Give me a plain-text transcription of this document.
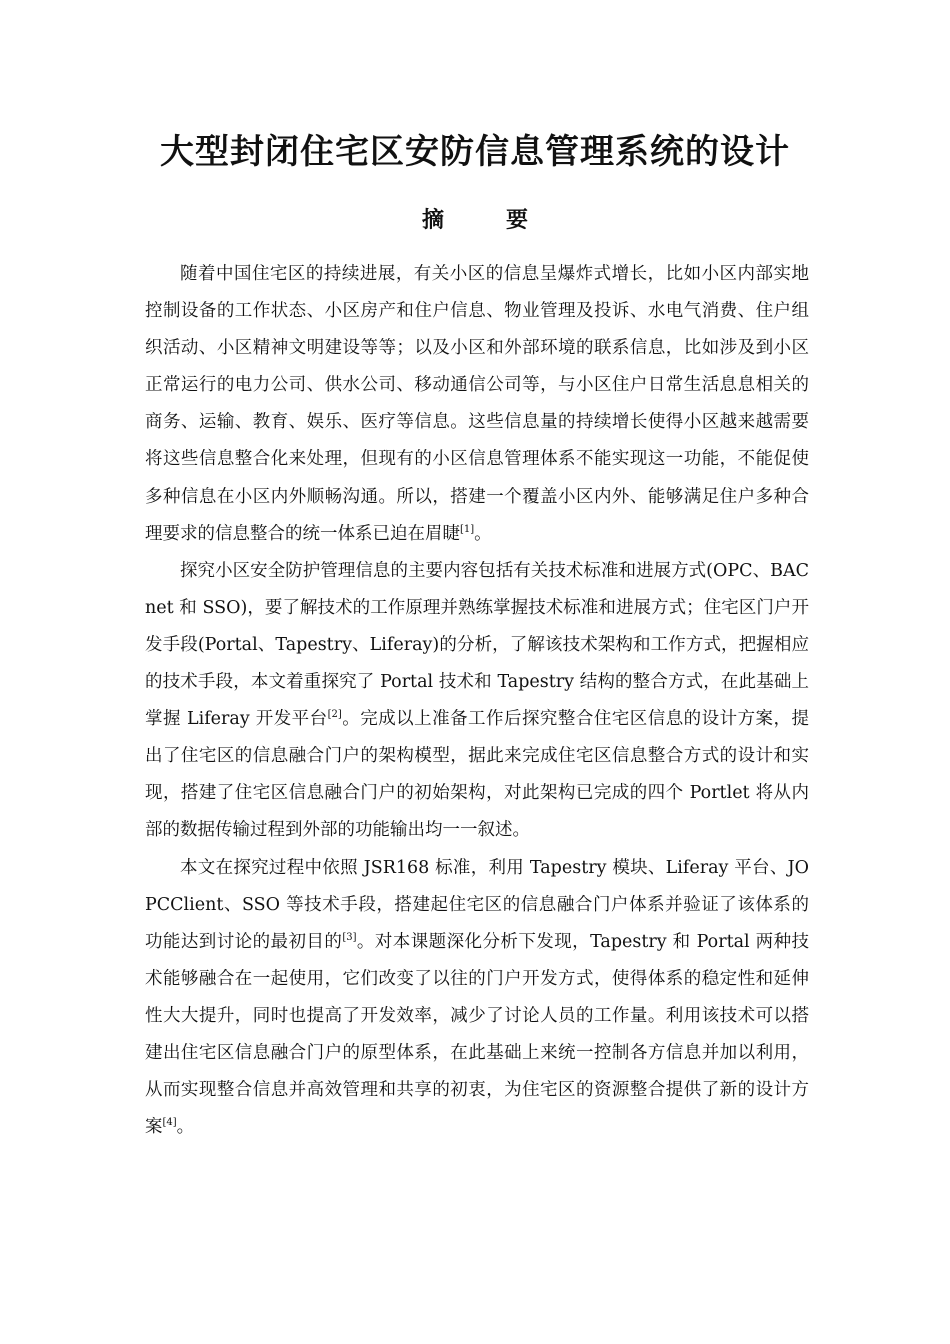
大型封闭住宅区安防信息管理系统的设计
摘	要

随着中国住宅区的持续进展，有关小区的信息呈爆炸式增长，比如小区内部实地控制设备的工作状态、小区房产和住户信息、物业管理及投诉、水电气消费、住户组织活动、小区精神文明建设等等；以及小区和外部环境的联系信息，比如涉及到小区正常运行的电力公司、供水公司、移动通信公司等，与小区住户日常生活息息相关的商务、运输、教育、娱乐、医疗等信息。这些信息量的持续增长使得小区越来越需要将这些信息整合化来处理，但现有的小区信息管理体系不能实现这一功能，不能促使多种信息在小区内外顺畅沟通。所以，搭建一个覆盖小区内外、能够满足住户多种合理要求的信息整合的统一体系已迫在眉睫[1]。

探究小区安全防护管理信息的主要内容包括有关技术标准和进展方式(OPC、BACnet 和 SSO)，要了解技术的工作原理并熟练掌握技术标准和进展方式；住宅区门户开发手段(Portal、Tapestry、Liferay)的分析，了解该技术架构和工作方式，把握相应的技术手段，本文着重探究了 Portal 技术和 Tapestry 结构的整合方式，在此基础上掌握 Liferay 开发平台[2]。完成以上准备工作后探究整合住宅区信息的设计方案，提出了住宅区的信息融合门户的架构模型，据此来完成住宅区信息整合方式的设计和实现，搭建了住宅区信息融合门户的初始架构，对此架构已完成的四个 Portlet 将从内部的数据传输过程到外部的功能输出均一一叙述。

本文在探究过程中依照 JSR168 标准，利用 Tapestry 模块、Liferay 平台、JOPCClient、SSO 等技术手段，搭建起住宅区的信息融合门户体系并验证了该体系的功能达到讨论的最初目的[3]。对本课题深化分析下发现，Tapestry 和 Portal 两种技术能够融合在一起使用，它们改变了以往的门户开发方式，使得体系的稳定性和延伸性大大提升，同时也提高了开发效率，减少了讨论人员的工作量。利用该技术可以搭建出住宅区信息融合门户的原型体系，在此基础上来统一控制各方信息并加以利用，从而实现整合信息并高效管理和共享的初衷，为住宅区的资源整合提供了新的设计方案[4]。
